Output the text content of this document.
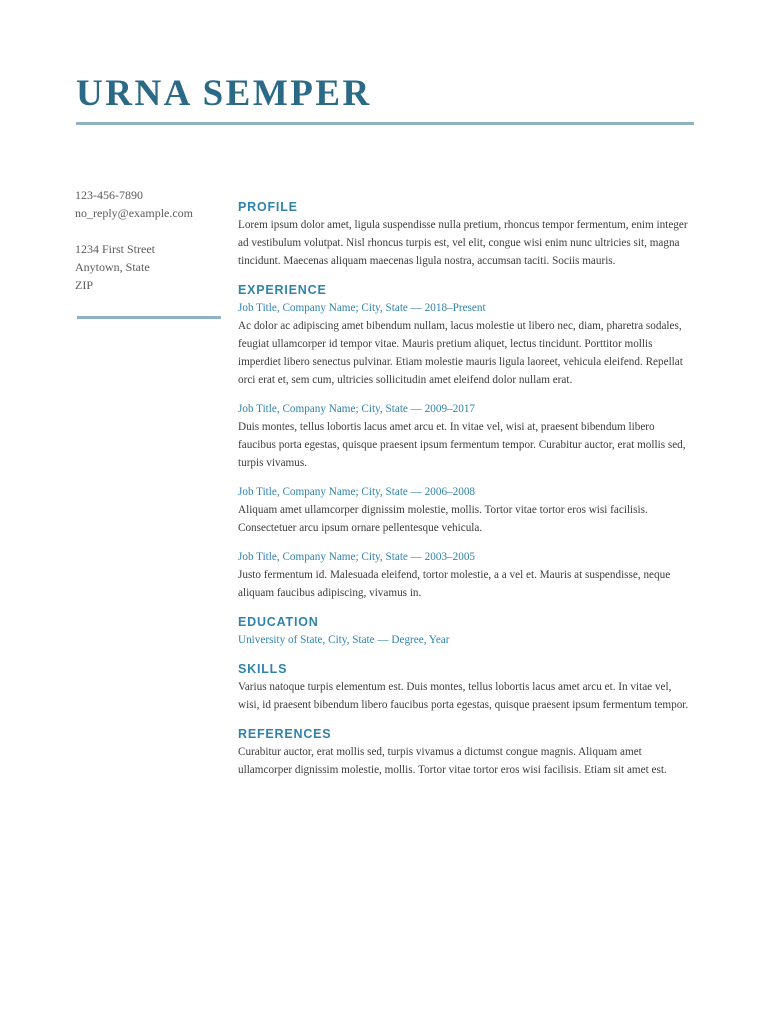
URNA SEMPER
123-456-7890
no_reply@example.com
1234 First Street
Anytown, State
ZIP
PROFILE

Lorem ipsum dolor amet, ligula suspendisse nulla pretium, rhoncus tempor fermentum, enim integer ad vestibulum volutpat. Nisl rhoncus turpis est, vel elit, congue wisi enim nunc ultricies sit, magna tincidunt. Maecenas aliquam maecenas ligula nostra, accumsan taciti. Sociis mauris.

EXPERIENCE

Job Title, Company Name; City, State — 2018–Present

Ac dolor ac adipiscing amet bibendum nullam, lacus molestie ut libero nec, diam, pharetra sodales, feugiat ullamcorper id tempor vitae. Mauris pretium aliquet, lectus tincidunt. Porttitor mollis imperdiet libero senectus pulvinar. Etiam molestie mauris ligula laoreet, vehicula eleifend. Repellat orci erat et, sem cum, ultricies sollicitudin amet eleifend dolor nullam erat.

Job Title, Company Name; City, State — 2009–2017

Duis montes, tellus lobortis lacus amet arcu et. In vitae vel, wisi at, praesent bibendum libero faucibus porta egestas, quisque praesent ipsum fermentum tempor. Curabitur auctor, erat mollis sed, turpis vivamus.

Job Title, Company Name; City, State — 2006–2008

Aliquam amet ullamcorper dignissim molestie, mollis. Tortor vitae tortor eros wisi facilisis. Consectetuer arcu ipsum ornare pellentesque vehicula.

Job Title, Company Name; City, State — 2003–2005

Justo fermentum id. Malesuada eleifend, tortor molestie, a a vel et. Mauris at suspendisse, neque aliquam faucibus adipiscing, vivamus in.

EDUCATION

University of State, City, State — Degree, Year

SKILLS

Varius natoque turpis elementum est. Duis montes, tellus lobortis lacus amet arcu et. In vitae vel, wisi, id praesent bibendum libero faucibus porta egestas, quisque praesent ipsum fermentum tempor.

REFERENCES

Curabitur auctor, erat mollis sed, turpis vivamus a dictumst congue magnis. Aliquam amet ullamcorper dignissim molestie, mollis. Tortor vitae tortor eros wisi facilisis. Etiam sit amet est.
